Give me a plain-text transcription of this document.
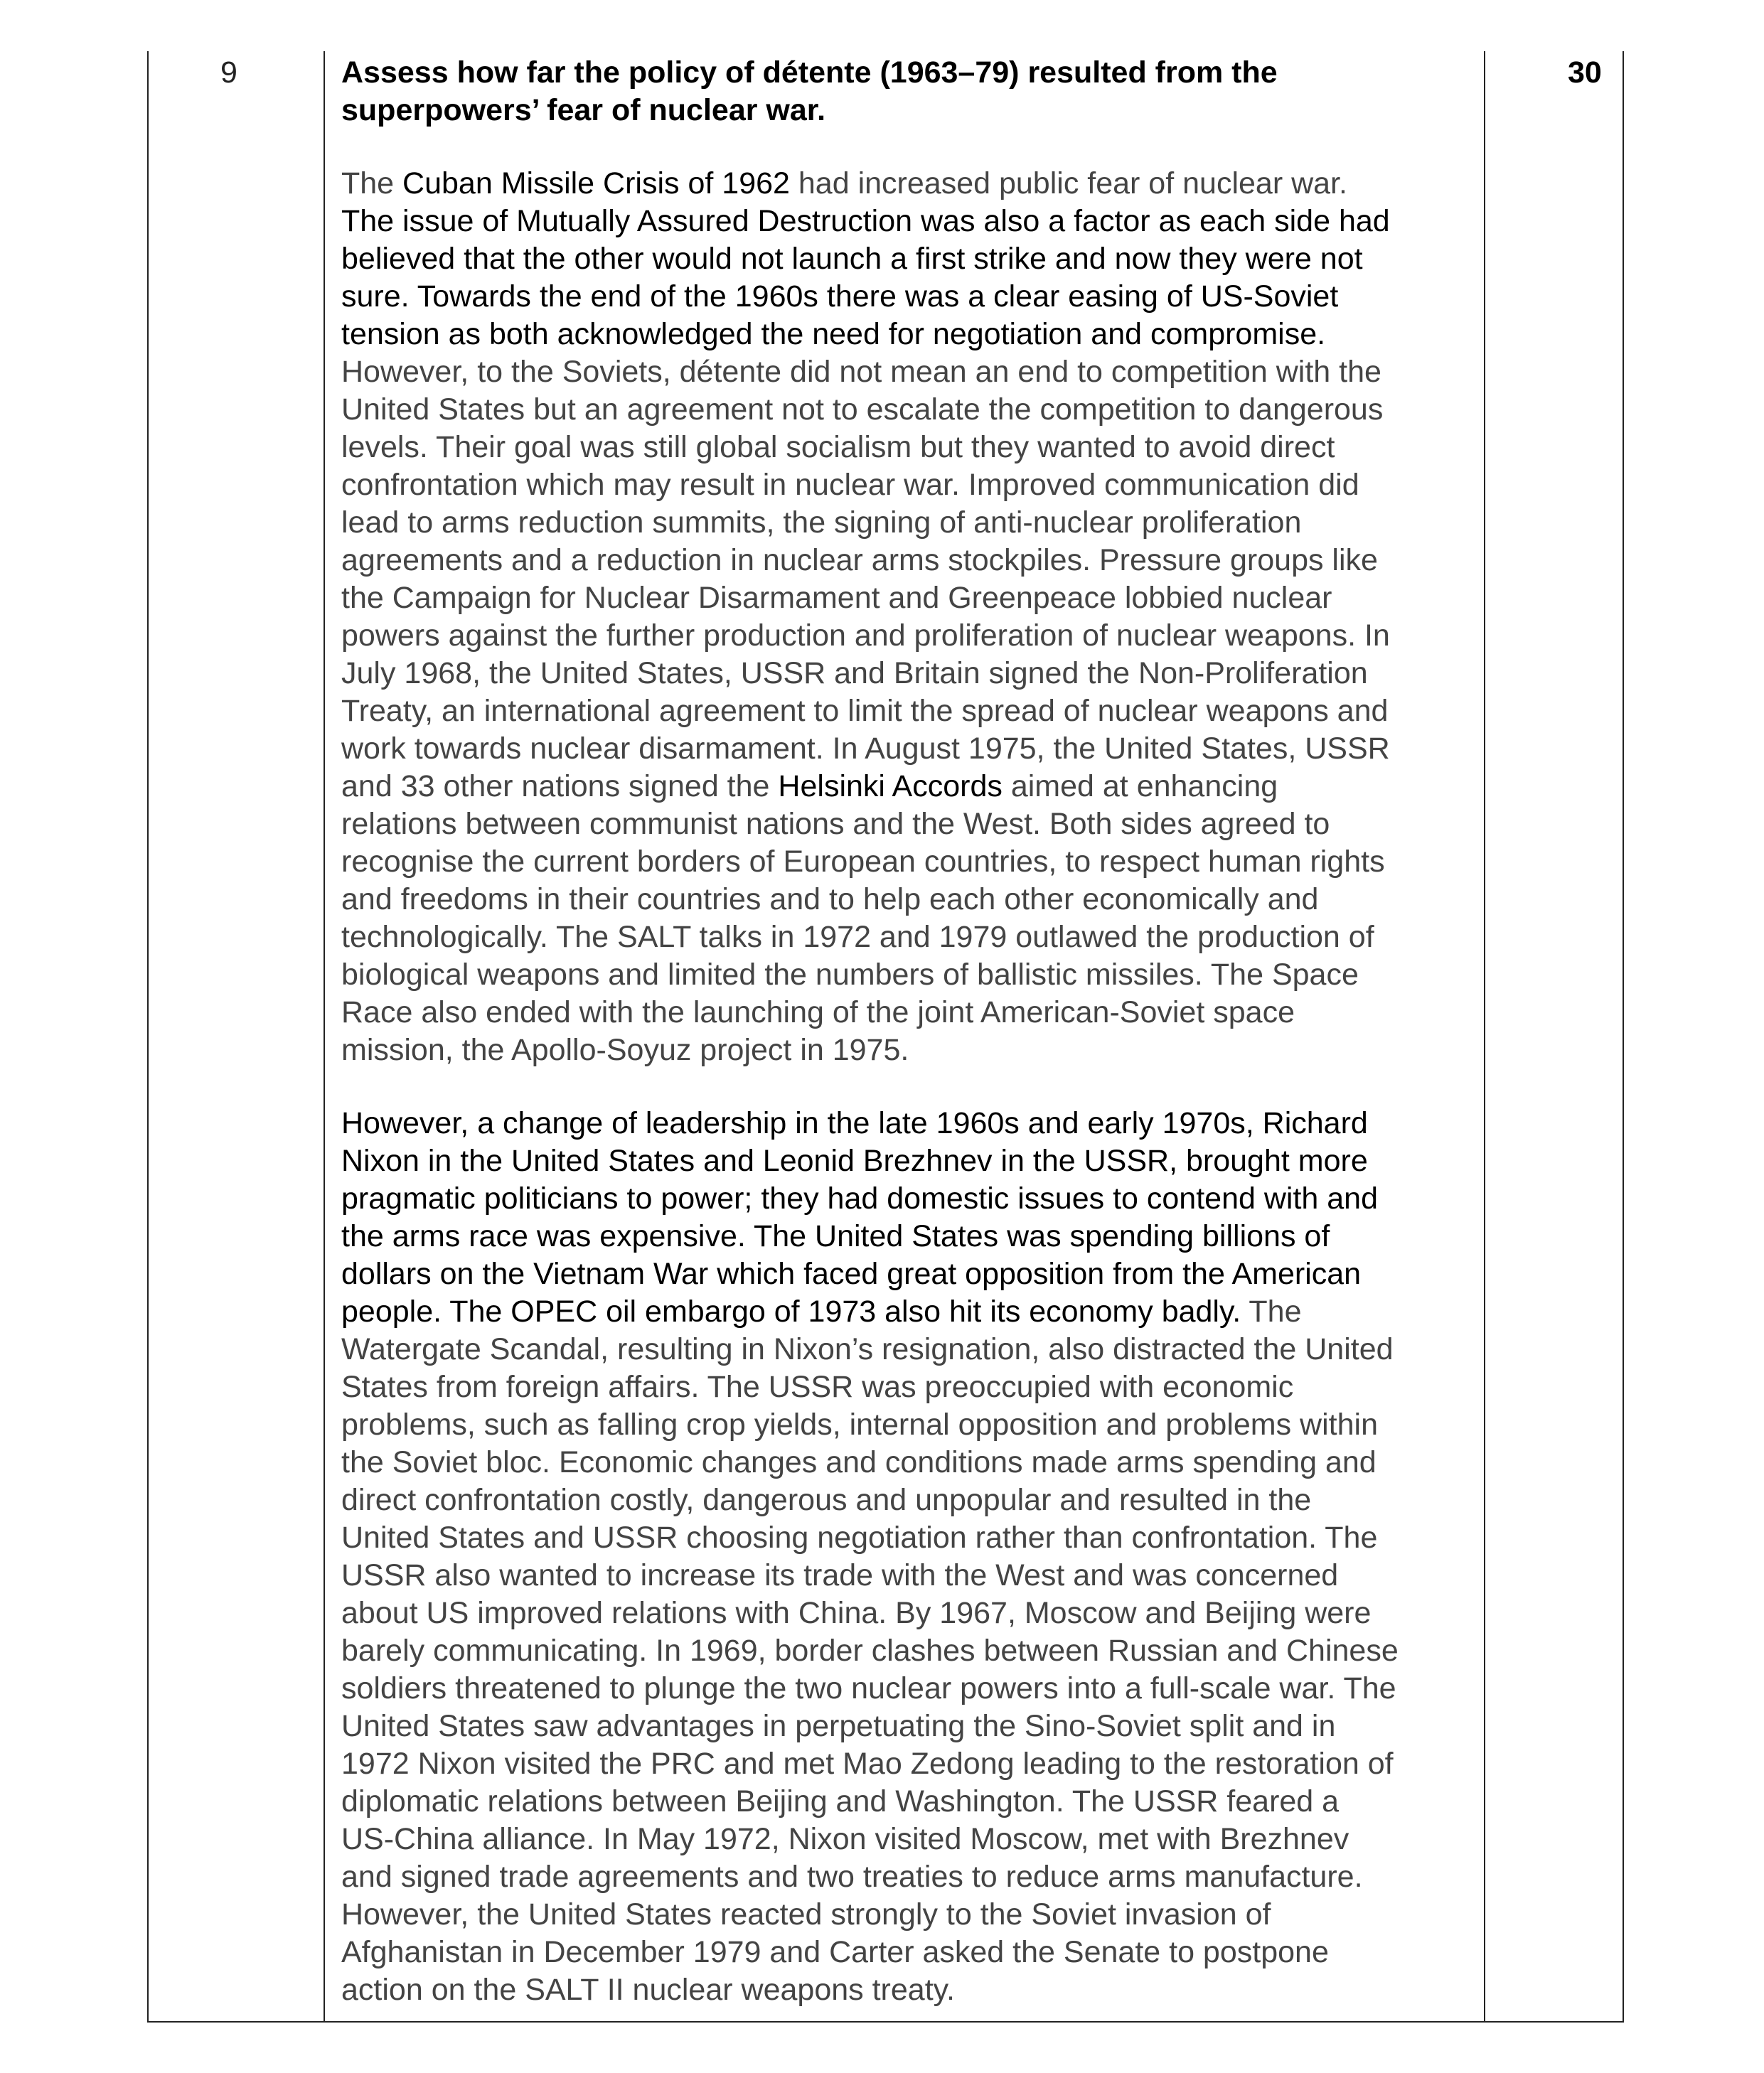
9	30
Assess how far the policy of détente (1963–79) resulted from the
superpowers’ fear of nuclear war.
The Cuban Missile Crisis of 1962 had increased public fear of nuclear war.
The issue of Mutually Assured Destruction was also a factor as each side had
believed that the other would not launch a first strike and now they were not
sure. Towards the end of the 1960s there was a clear easing of US-Soviet
tension as both acknowledged the need for negotiation and compromise.
However, to the Soviets, détente did not mean an end to competition with the
United States but an agreement not to escalate the competition to dangerous
levels. Their goal was still global socialism but they wanted to avoid direct
confrontation which may result in nuclear war. Improved communication did
lead to arms reduction summits, the signing of anti-nuclear proliferation
agreements and a reduction in nuclear arms stockpiles. Pressure groups like
the Campaign for Nuclear Disarmament and Greenpeace lobbied nuclear
powers against the further production and proliferation of nuclear weapons. In
July 1968, the United States, USSR and Britain signed the Non-Proliferation
Treaty, an international agreement to limit the spread of nuclear weapons and
work towards nuclear disarmament. In August 1975, the United States, USSR
and 33 other nations signed the Helsinki Accords aimed at enhancing
relations between communist nations and the West. Both sides agreed to
recognise the current borders of European countries, to respect human rights
and freedoms in their countries and to help each other economically and
technologically. The SALT talks in 1972 and 1979 outlawed the production of
biological weapons and limited the numbers of ballistic missiles. The Space
Race also ended with the launching of the joint American-Soviet space
mission, the Apollo-Soyuz project in 1975.
However, a change of leadership in the late 1960s and early 1970s, Richard
Nixon in the United States and Leonid Brezhnev in the USSR, brought more
pragmatic politicians to power; they had domestic issues to contend with and
the arms race was expensive. The United States was spending billions of
dollars on the Vietnam War which faced great opposition from the American
people. The OPEC oil embargo of 1973 also hit its economy badly. The
Watergate Scandal, resulting in Nixon’s resignation, also distracted the United
States from foreign affairs. The USSR was preoccupied with economic
problems, such as falling crop yields, internal opposition and problems within
the Soviet bloc. Economic changes and conditions made arms spending and
direct confrontation costly, dangerous and unpopular and resulted in the
United States and USSR choosing negotiation rather than confrontation. The
USSR also wanted to increase its trade with the West and was concerned
about US improved relations with China. By 1967, Moscow and Beijing were
barely communicating. In 1969, border clashes between Russian and Chinese
soldiers threatened to plunge the two nuclear powers into a full-scale war. The
United States saw advantages in perpetuating the Sino-Soviet split and in
1972 Nixon visited the PRC and met Mao Zedong leading to the restoration of
diplomatic relations between Beijing and Washington. The USSR feared a
US-China alliance. In May 1972, Nixon visited Moscow, met with Brezhnev
and signed trade agreements and two treaties to reduce arms manufacture.
However, the United States reacted strongly to the Soviet invasion of
Afghanistan in December 1979 and Carter asked the Senate to postpone
action on the SALT II nuclear weapons treaty.
